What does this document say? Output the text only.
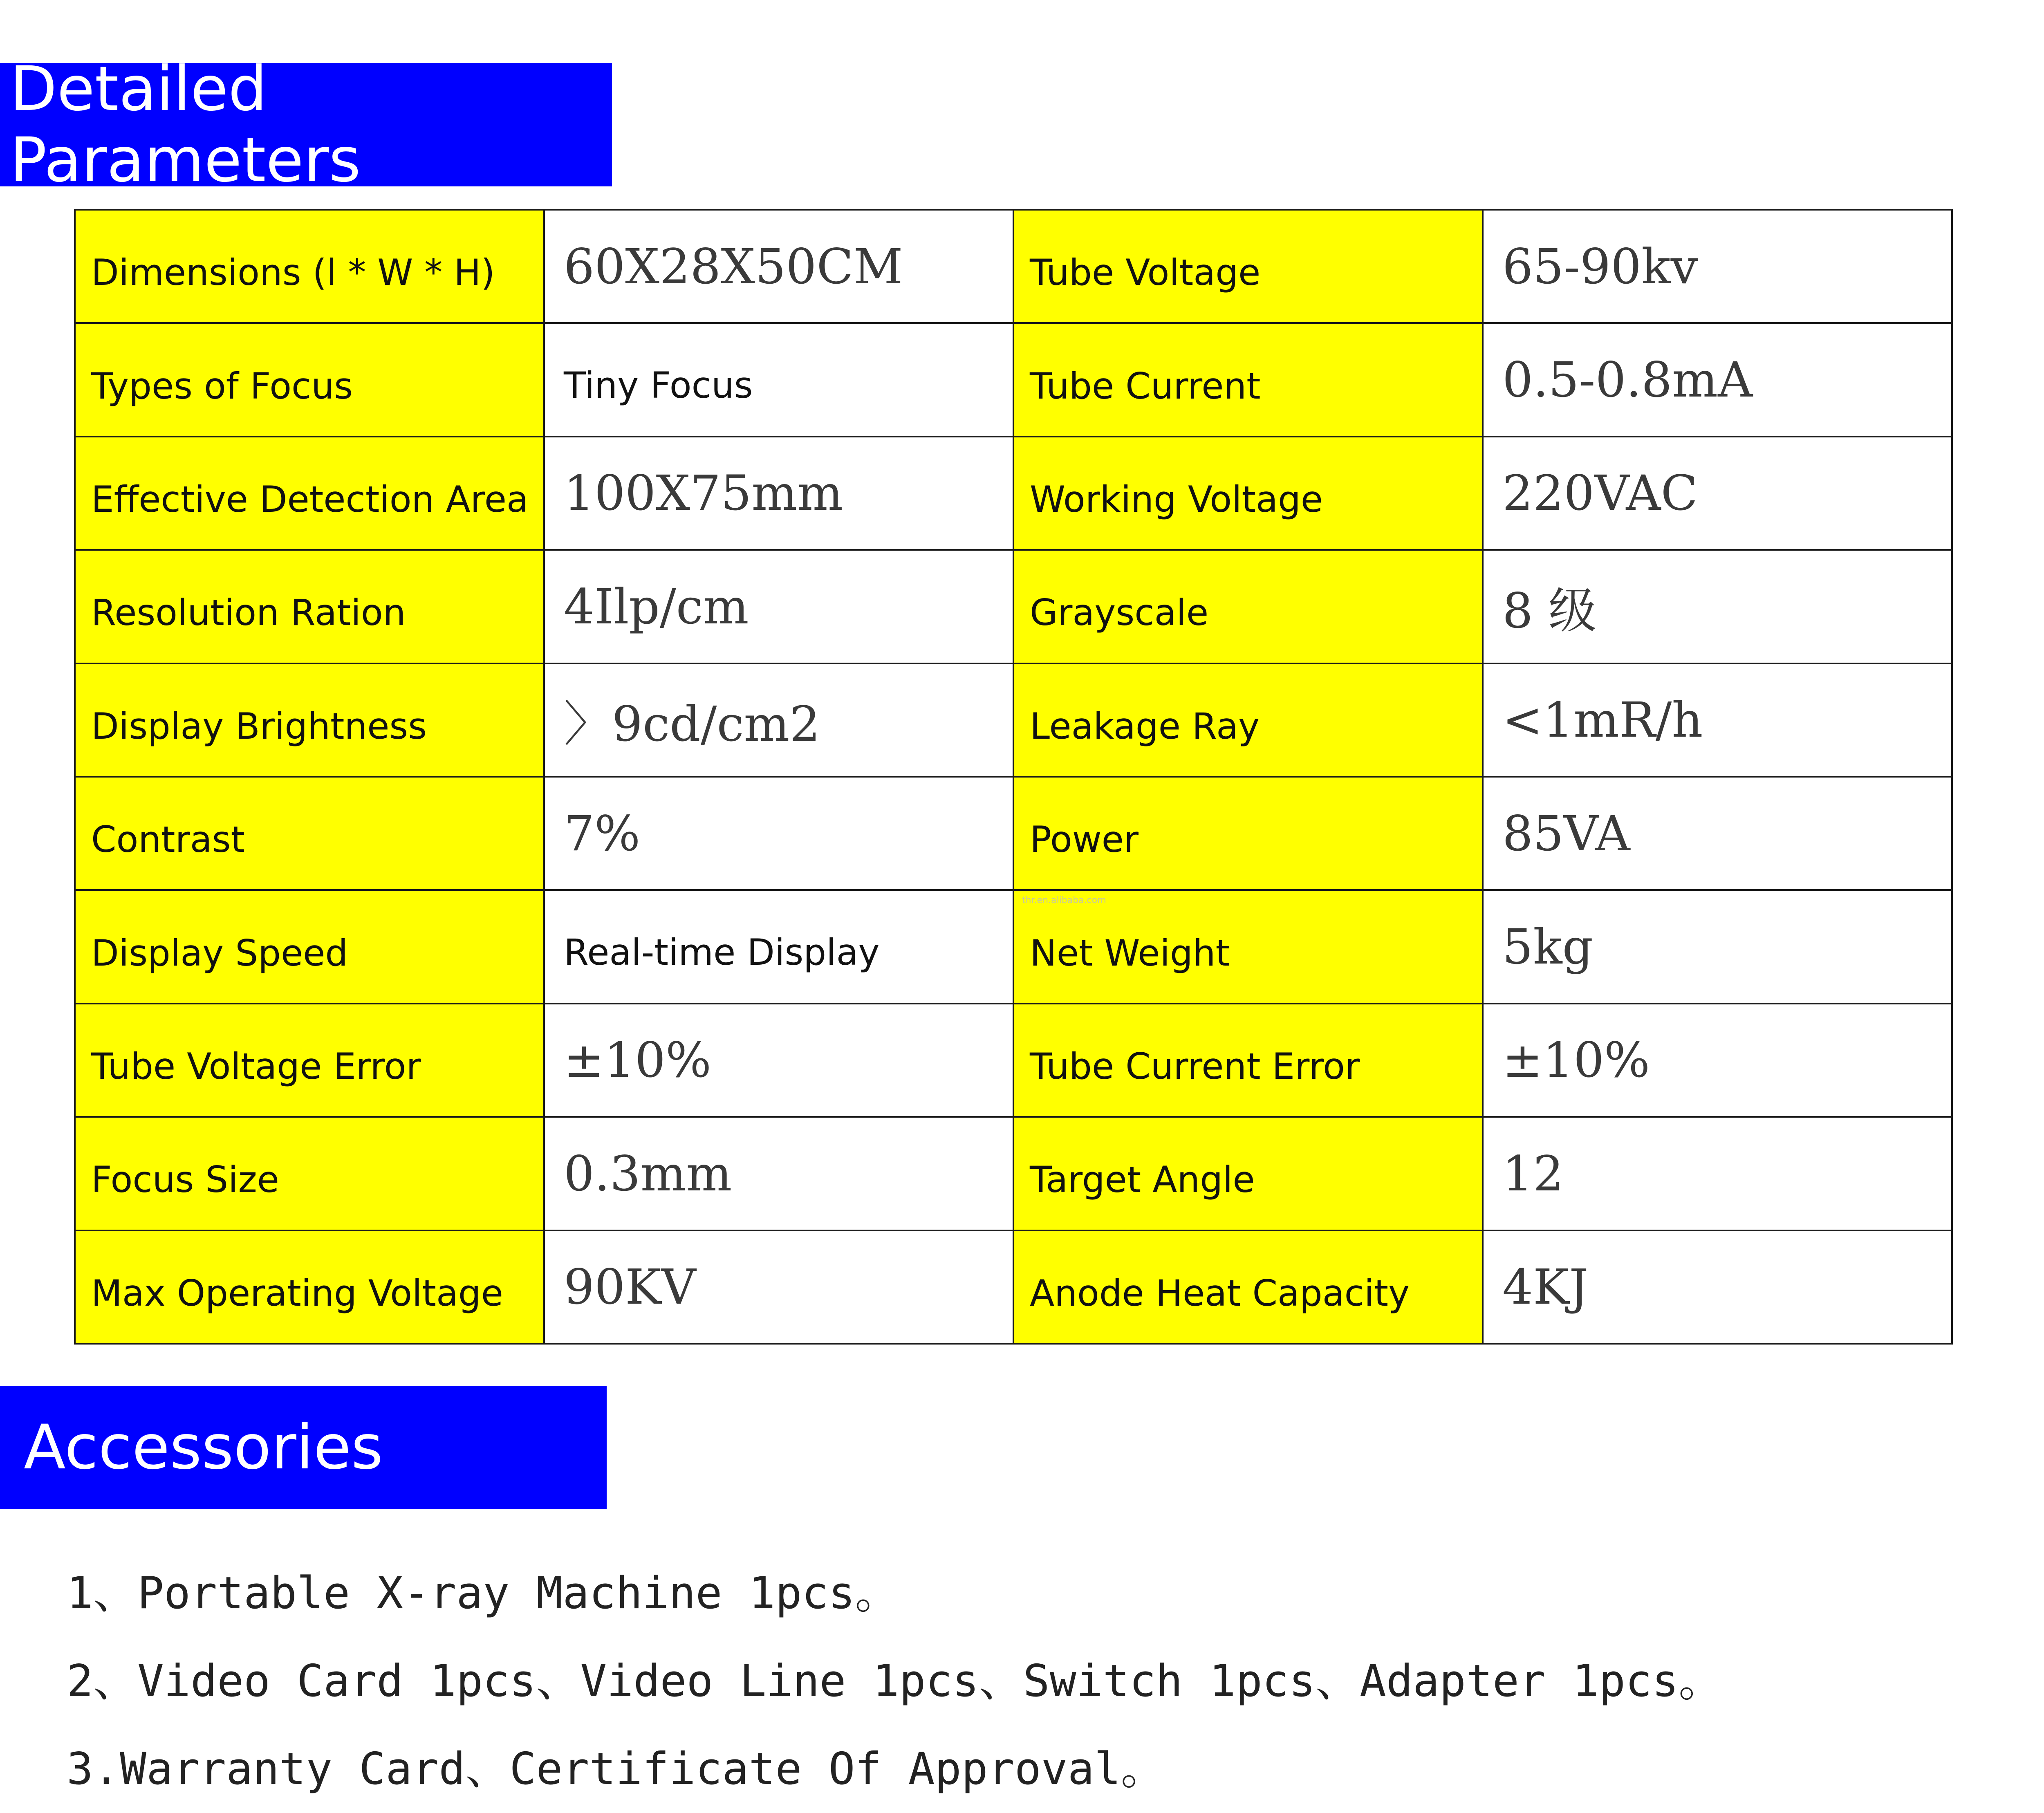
Detailed Parameters
Dimensions (l * W * H)	60X28X50CM	Tube Voltage	65-90kv
Types of Focus	Tiny Focus	Tube Current	0.5-0.8mA
Effective Detection Area	100X75mm	Working Voltage	220VAC
Resolution Ration	4Ilp/cm	Grayscale	8 级
Display Brightness	〉9cd/cm2	Leakage Ray	<1mR/h
Contrast	7%	Power	85VA
Display Speed	Real-time Display	Net Weight	5kg
Tube Voltage Error	±10%	Tube Current Error	±10%
Focus Size	0.3mm	Target Angle	12
Max Operating Voltage	90KV	Anode Heat Capacity	4KJ
thr.en.alibaba.com
Accessories
1、Portable X-ray Machine 1pcs。
2、Video Card 1pcs、Video Line 1pcs、Switch 1pcs、Adapter 1pcs。
3.Warranty Card、Certificate Of Approval。
